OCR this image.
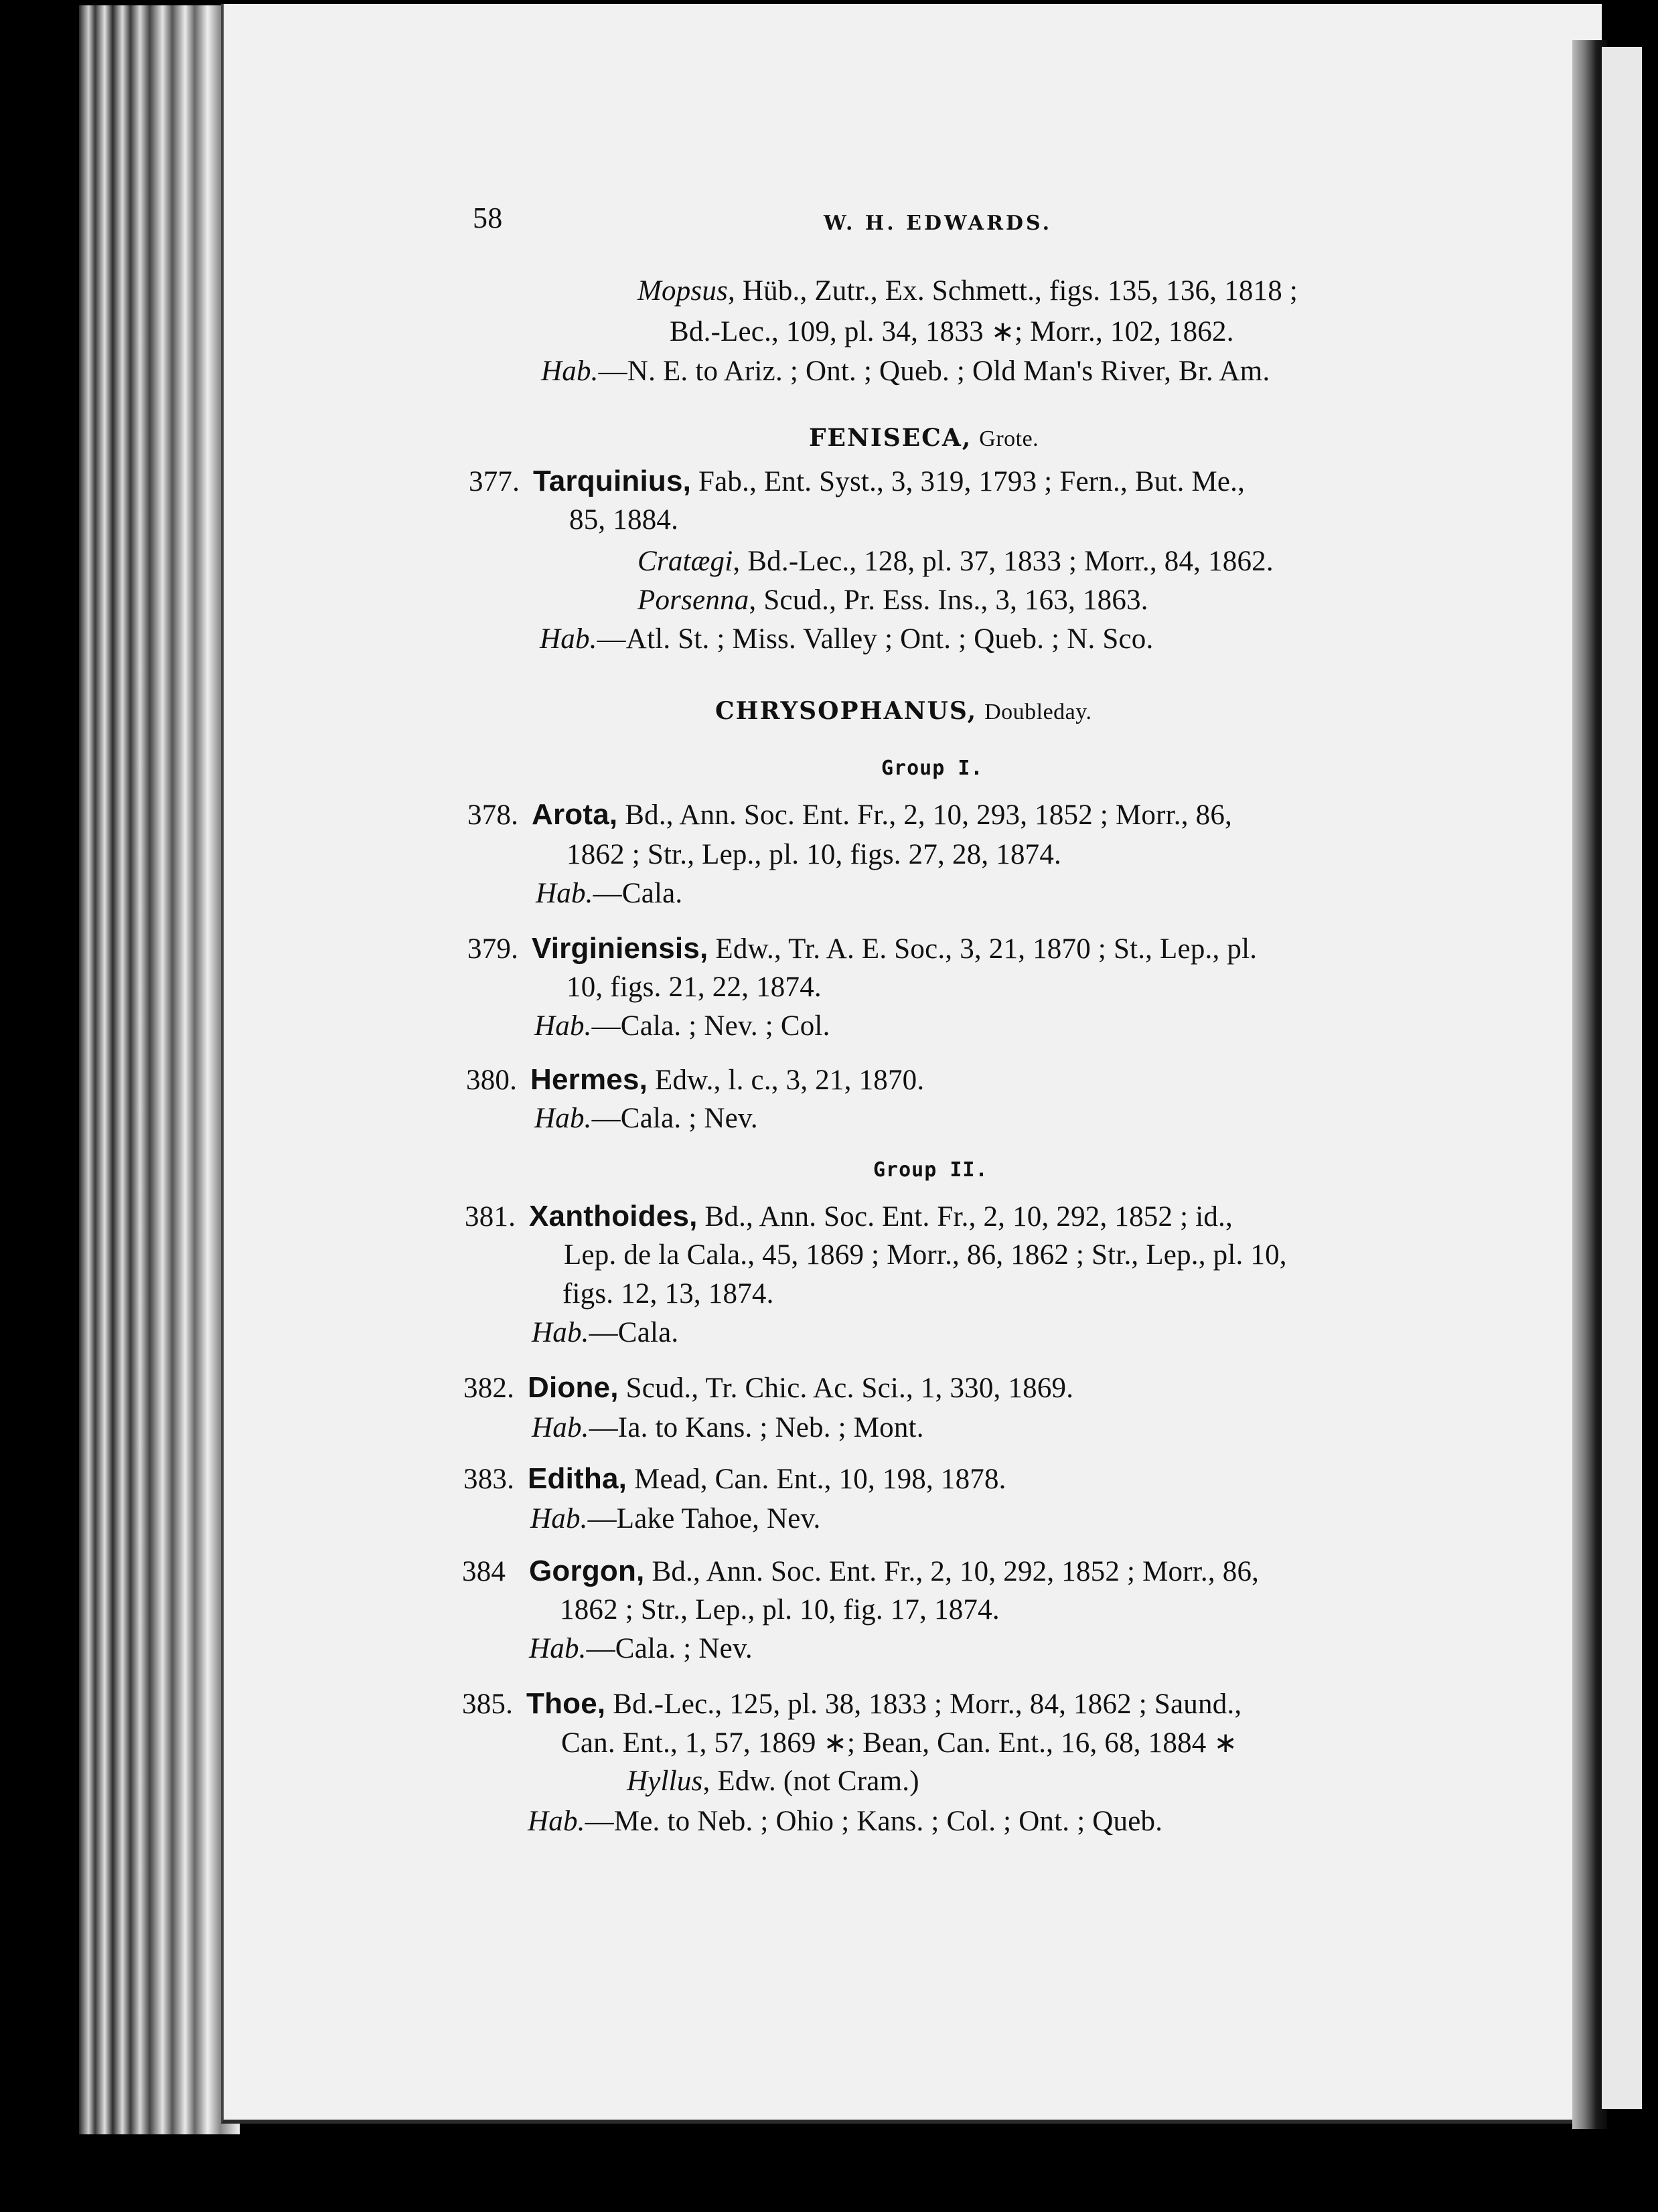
58	W. H. EDWARDS.
Mopsus, Hüb., Zutr., Ex. Schmett., figs. 135, 136, 1818 ;
Bd.-Lec., 109, pl. 34, 1833 ∗; Morr., 102, 1862.
Hab.—N. E. to Ariz. ; Ont. ; Queb. ; Old Man's River, Br. Am.
FENISECA, Grote.
377. Tarquinius, Fab., Ent. Syst., 3, 319, 1793 ; Fern., But. Me.,
85, 1884.
Cratægi, Bd.-Lec., 128, pl. 37, 1833 ; Morr., 84, 1862.
Porsenna, Scud., Pr. Ess. Ins., 3, 163, 1863.
Hab.—Atl. St. ; Miss. Valley ; Ont. ; Queb. ; N. Sco.
CHRYSOPHANUS, Doubleday.
Group I.
378. Arota, Bd., Ann. Soc. Ent. Fr., 2, 10, 293, 1852 ; Morr., 86,
1862 ; Str., Lep., pl. 10, figs. 27, 28, 1874.
Hab.—Cala.
379. Virginiensis, Edw., Tr. A. E. Soc., 3, 21, 1870 ; St., Lep., pl.
10, figs. 21, 22, 1874.
Hab.—Cala. ; Nev. ; Col.
380. Hermes, Edw., l. c., 3, 21, 1870.
Hab.—Cala. ; Nev.
Group II.
381. Xanthoides, Bd., Ann. Soc. Ent. Fr., 2, 10, 292, 1852 ; id.,
Lep. de la Cala., 45, 1869 ; Morr., 86, 1862 ; Str., Lep., pl. 10,
figs. 12, 13, 1874.
Hab.—Cala.
382. Dione, Scud., Tr. Chic. Ac. Sci., 1, 330, 1869.
Hab.—Ia. to Kans. ; Neb. ; Mont.
383. Editha, Mead, Can. Ent., 10, 198, 1878.
Hab.—Lake Tahoe, Nev.
384 Gorgon, Bd., Ann. Soc. Ent. Fr., 2, 10, 292, 1852 ; Morr., 86,
1862 ; Str., Lep., pl. 10, fig. 17, 1874.
Hab.—Cala. ; Nev.
385. Thoe, Bd.-Lec., 125, pl. 38, 1833 ; Morr., 84, 1862 ; Saund.,
Can. Ent., 1, 57, 1869 ∗; Bean, Can. Ent., 16, 68, 1884 ∗
Hyllus, Edw. (not Cram.)
Hab.—Me. to Neb. ; Ohio ; Kans. ; Col. ; Ont. ; Queb.
